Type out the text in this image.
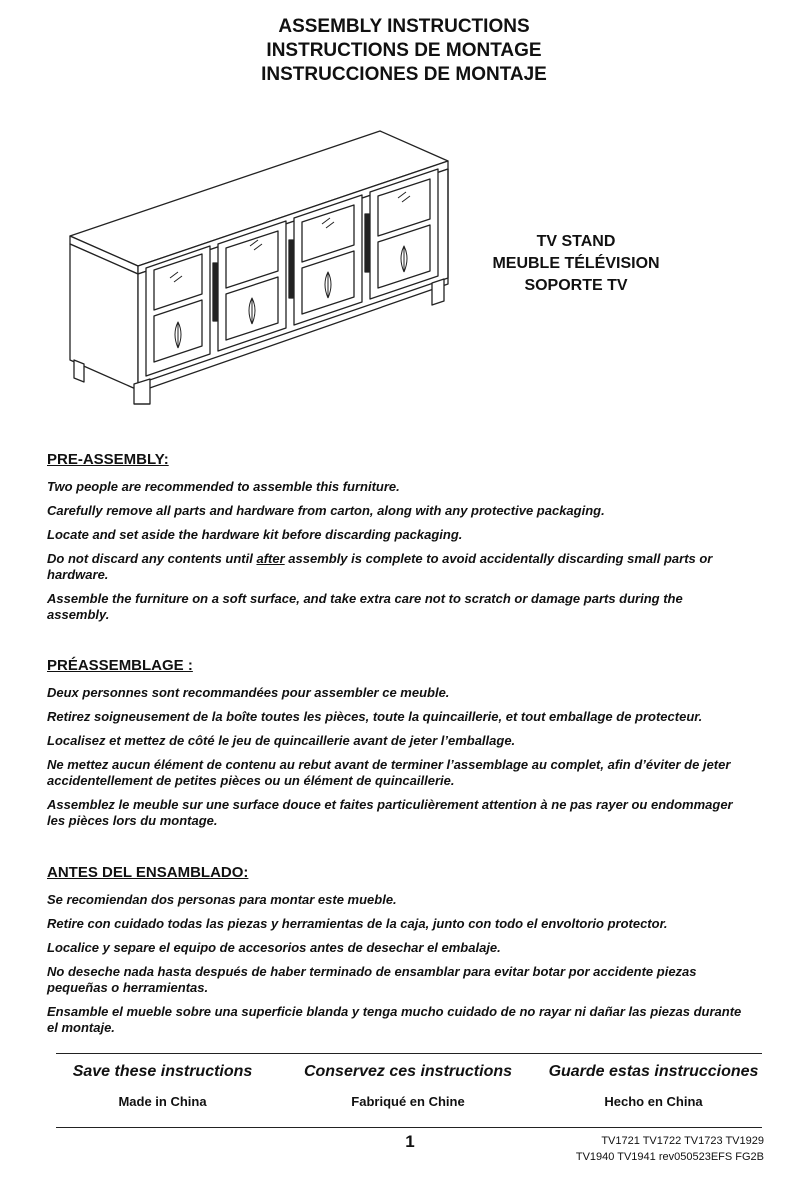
ASSEMBLY INSTRUCTIONS
INSTRUCTIONS DE MONTAGE
INSTRUCCIONES DE MONTAJE
TV STAND
MEUBLE TÉLÉVISION
SOPORTE TV
PRE-ASSEMBLY:

Two people are recommended to assemble this furniture.

Carefully remove all parts and hardware from carton, along with any protective packaging.

Locate and set aside the hardware kit before discarding packaging.

Do not discard any contents until after assembly is complete to avoid accidentally discarding small parts or hardware.

Assemble the furniture on a soft surface, and take extra care not to scratch or damage parts during the assembly.

PRÉASSEMBLAGE :

Deux personnes sont recommandées pour assembler ce meuble.

Retirez soigneusement de la boîte toutes les pièces, toute la quincaillerie, et tout emballage de protecteur.

Localisez et mettez de côté le jeu de quincaillerie avant de jeter l’emballage.

Ne mettez aucun élément de contenu au rebut avant de terminer l’assemblage au complet, afin d’éviter de jeter accidentellement de petites pièces ou un élément de quincaillerie.

Assemblez le meuble sur une surface douce et faites particulièrement attention à ne pas rayer ou endommager les pièces lors du montage.

ANTES DEL ENSAMBLADO:

Se recomiendan dos personas para montar este mueble.

Retire con cuidado todas las piezas y herramientas de la caja, junto con todo el envoltorio protector.

Localice y separe el equipo de accesorios antes de desechar el embalaje.

No deseche nada hasta después de haber terminado de ensamblar para evitar botar por accidente piezas pequeñas o herramientas.

Ensamble el mueble sobre una superficie blanda y tenga mucho cuidado de no rayar ni dañar las piezas durante el montaje.

Save these instructions
Made in China
Conservez ces instructions
Fabriqué en Chine
Guarde estas instrucciones
Hecho en China
1	TV1721 TV1722 TV1723 TV1929
TV1940 TV1941 rev050523EFS FG2B
